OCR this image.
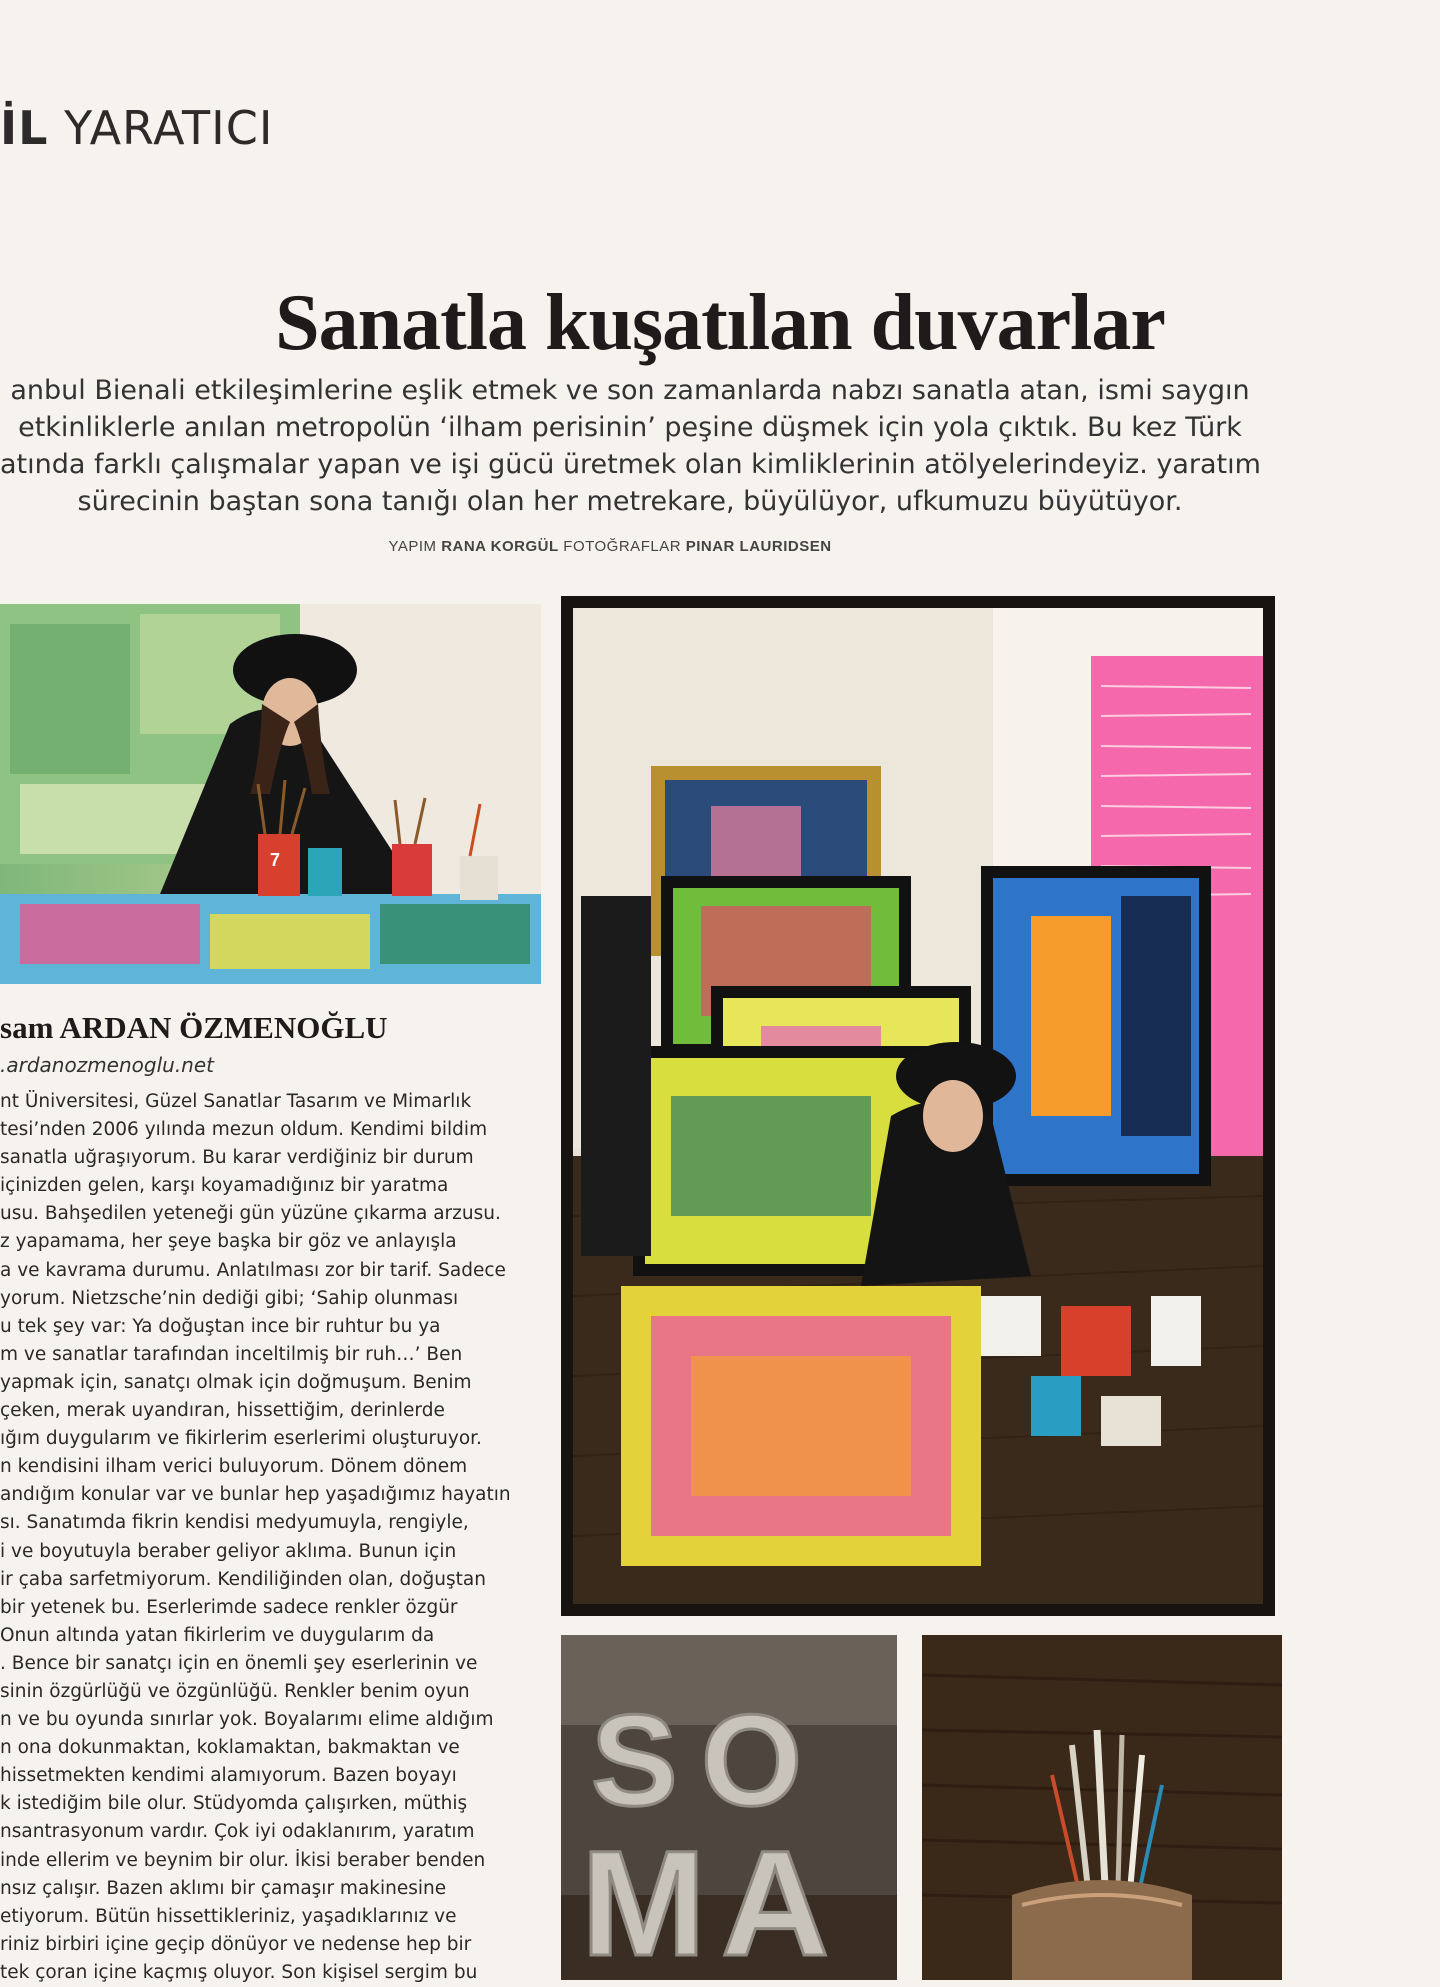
İL YARATICI
Sanatla kuşatılan duvarlar
anbul Bienali etkileşimlerine eşlik etmek ve son zamanlarda nabzı sanatla atan, ismi saygın
etkinliklerle anılan metropolün ‘ilham perisinin’ peşine düşmek için yola çıktık. Bu kez Türk
atında farklı çalışmalar yapan ve işi gücü üretmek olan kimliklerinin atölyelerindeyiz. yaratım
sürecinin baştan sona tanığı olan her metrekare, büyülüyor, ufkumuzu büyütüyor.
YAPIM RANA KORGÜL FOTOĞRAFLAR PINAR LAURIDSEN
7
S O
M A
sam ARDAN ÖZMENOĞLU

.ardanozmenoglu.net

nt Üniversitesi, Güzel Sanatlar Tasarım ve Mimarlık
tesi’nden 2006 yılında mezun oldum. Kendimi bildim
sanatla uğraşıyorum. Bu karar verdiğiniz bir durum
içinizden gelen, karşı koyamadığınız bir yaratma
usu. Bahşedilen yeteneği gün yüzüne çıkarma arzusu.
z yapamama, her şeye başka bir göz ve anlayışla
a ve kavrama durumu. Anlatılması zor bir tarif. Sadece
yorum. Nietzsche’nin dediği gibi; ‘Sahip olunması
u tek şey var: Ya doğuştan ince bir ruhtur bu ya
m ve sanatlar tarafından inceltilmiş bir ruh…’ Ben
yapmak için, sanatçı olmak için doğmuşum. Benim
çeken, merak uyandıran, hissettiğim, derinlerde
ığım duygularım ve fikirlerim eserlerimi oluşturuyor.
n kendisini ilham verici buluyorum. Dönem dönem
andığım konular var ve bunlar hep yaşadığımız hayatın
sı. Sanatımda fikrin kendisi medyumuyla, rengiyle,
i ve boyutuyla beraber geliyor aklıma. Bunun için
ir çaba sarfetmiyorum. Kendiliğinden olan, doğuştan
bir yetenek bu. Eserlerimde sadece renkler özgür
Onun altında yatan fikirlerim ve duygularım da
. Bence bir sanatçı için en önemli şey eserlerinin ve
sinin özgürlüğü ve özgünlüğü. Renkler benim oyun
n ve bu oyunda sınırlar yok. Boyalarımı elime aldığım
n ona dokunmaktan, koklamaktan, bakmaktan ve
hissetmekten kendimi alamıyorum. Bazen boyayı
k istediğim bile olur. Stüdyomda çalışırken, müthiş
nsantrasyonum vardır. Çok iyi odaklanırım, yaratım
inde ellerim ve beynim bir olur. İkisi beraber benden
nsız çalışır. Bazen aklımı bir çamaşır makinesine
etiyorum. Bütün hissettikleriniz, yaşadıklarınız ve
riniz birbiri içine geçip dönüyor ve nedense hep bir
tek çoran içine kaçmış oluyor. Son kişisel sergim bu
